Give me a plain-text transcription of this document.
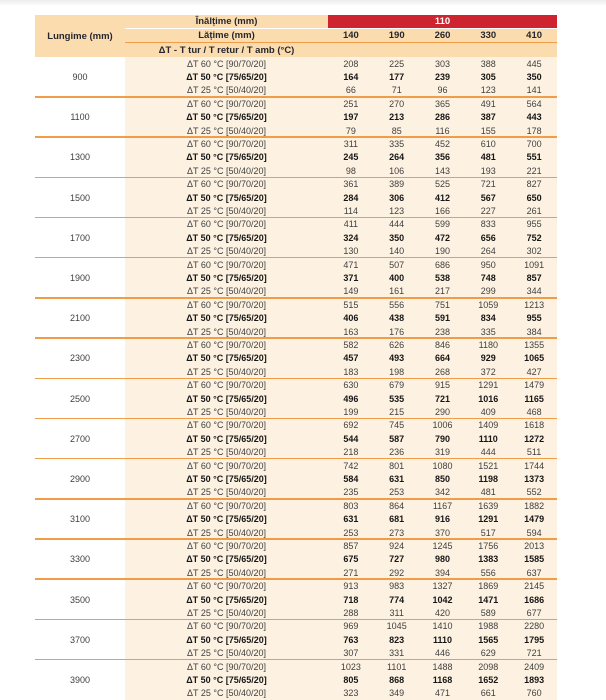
Lungime (mm)
Înălțime (mm)	110
Lățime (mm)	140	190	260	330	410
ΔT - T tur / T retur / T amb (°C)
900
ΔT 60 °C [90/70/20]	208	225	303	388	445
ΔT 50 °C [75/65/20]	164	177	239	305	350
ΔT 25 °C [50/40/20]	66	71	96	123	141
1100
ΔT 60 °C [90/70/20]	251	270	365	491	564
ΔT 50 °C [75/65/20]	197	213	286	387	443
ΔT 25 °C [50/40/20]	79	85	116	155	178
1300
ΔT 60 °C [90/70/20]	311	335	452	610	700
ΔT 50 °C [75/65/20]	245	264	356	481	551
ΔT 25 °C [50/40/20]	98	106	143	193	221
1500
ΔT 60 °C [90/70/20]	361	389	525	721	827
ΔT 50 °C [75/65/20]	284	306	412	567	650
ΔT 25 °C [50/40/20]	114	123	166	227	261
1700
ΔT 60 °C [90/70/20]	411	444	599	833	955
ΔT 50 °C [75/65/20]	324	350	472	656	752
ΔT 25 °C [50/40/20]	130	140	190	264	302
1900
ΔT 60 °C [90/70/20]	471	507	686	950	1091
ΔT 50 °C [75/65/20]	371	400	538	748	857
ΔT 25 °C [50/40/20]	149	161	217	299	344
2100
ΔT 60 °C [90/70/20]	515	556	751	1059	1213
ΔT 50 °C [75/65/20]	406	438	591	834	955
ΔT 25 °C [50/40/20]	163	176	238	335	384
2300
ΔT 60 °C [90/70/20]	582	626	846	1180	1355
ΔT 50 °C [75/65/20]	457	493	664	929	1065
ΔT 25 °C [50/40/20]	183	198	268	372	427
2500
ΔT 60 °C [90/70/20]	630	679	915	1291	1479
ΔT 50 °C [75/65/20]	496	535	721	1016	1165
ΔT 25 °C [50/40/20]	199	215	290	409	468
2700
ΔT 60 °C [90/70/20]	692	745	1006	1409	1618
ΔT 50 °C [75/65/20]	544	587	790	1110	1272
ΔT 25 °C [50/40/20]	218	236	319	444	511
2900
ΔT 60 °C [90/70/20]	742	801	1080	1521	1744
ΔT 50 °C [75/65/20]	584	631	850	1198	1373
ΔT 25 °C [50/40/20]	235	253	342	481	552
3100
ΔT 60 °C [90/70/20]	803	864	1167	1639	1882
ΔT 50 °C [75/65/20]	631	681	916	1291	1479
ΔT 25 °C [50/40/20]	253	273	370	517	594
3300
ΔT 60 °C [90/70/20]	857	924	1245	1756	2013
ΔT 50 °C [75/65/20]	675	727	980	1383	1585
ΔT 25 °C [50/40/20]	271	292	394	556	637
3500
ΔT 60 °C [90/70/20]	913	983	1327	1869	2145
ΔT 50 °C [75/65/20]	718	774	1042	1471	1686
ΔT 25 °C [50/40/20]	288	311	420	589	677
3700
ΔT 60 °C [90/70/20]	969	1045	1410	1988	2280
ΔT 50 °C [75/65/20]	763	823	1110	1565	1795
ΔT 25 °C [50/40/20]	307	331	446	629	721
3900
ΔT 60 °C [90/70/20]	1023	1101	1488	2098	2409
ΔT 50 °C [75/65/20]	805	868	1168	1652	1893
ΔT 25 °C [50/40/20]	323	349	471	661	760
